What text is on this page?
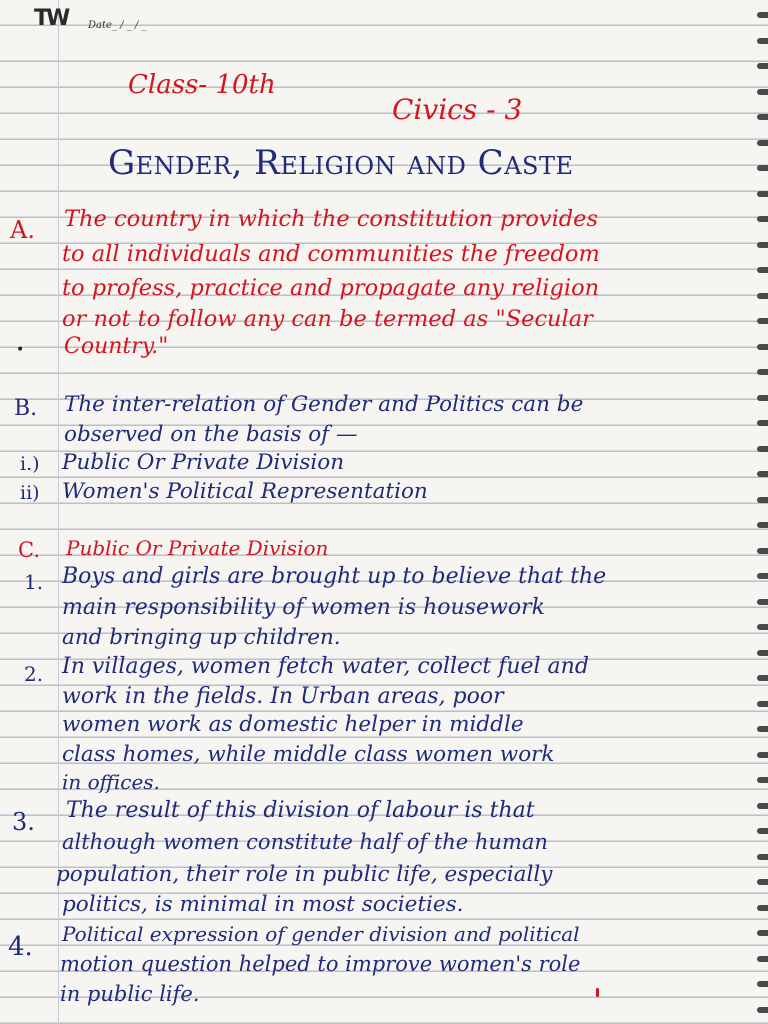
TW Date_ / _ / _
Class- 10th
Civics - 3
Gender, Religion and Caste
A. The country in which the constitution provides
to all individuals and communities the freedom
to profess, practice and propagate any religion
or not to follow any can be termed as "Secular
Country."
•
B. The inter-relation of Gender and Politics can be
observed on the basis of —
i.) Public Or Private Division
ii) Women's Political Representation
C. Public Or Private Division
1. Boys and girls are brought up to believe that the
main responsibility of women is housework
and bringing up children.
2. In villages, women fetch water, collect fuel and
work in the fields. In Urban areas, poor
women work as domestic helper in middle
class homes, while middle class women work
in offices.
3. The result of this division of labour is that
although women constitute half of the human
population, their role in public life, especially
politics, is minimal in most societies.
4. Political expression of gender division and political
motion question helped to improve women's role
in public life.
